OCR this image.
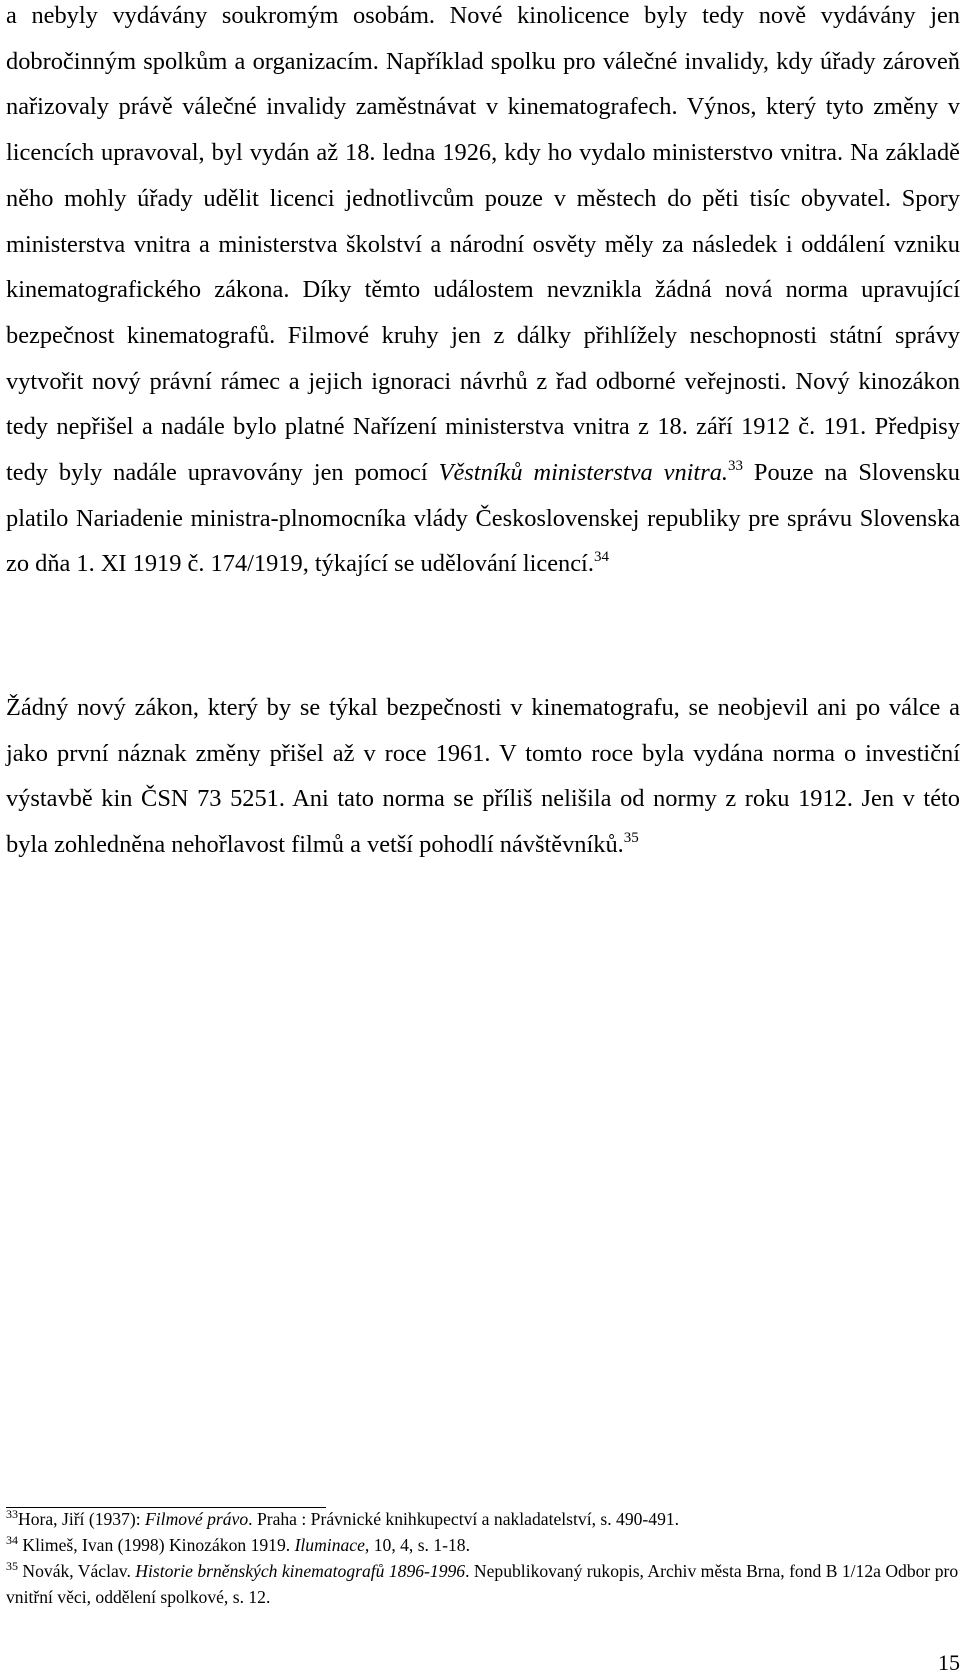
a nebyly vydávány soukromým osobám. Nové kinolicence byly tedy nově vydávány jen dobročinným spolkům a organizacím. Například spolku pro válečné invalidy, kdy úřady zároveň nařizovaly právě válečné invalidy zaměstnávat v kinematografech. Výnos, který tyto změny v licencích upravoval, byl vydán až 18. ledna 1926, kdy ho vydalo ministerstvo vnitra. Na základě něho mohly úřady udělit licenci jednotlivcům pouze v městech do pěti tisíc obyvatel. Spory ministerstva vnitra a ministerstva školství a národní osvěty měly za následek i oddálení vzniku kinematografického zákona. Díky těmto událostem nevznikla žádná nová norma upravující bezpečnost kinematografů. Filmové kruhy jen z dálky přihlížely neschopnosti státní správy vytvořit nový právní rámec a jejich ignoraci návrhů z řad odborné veřejnosti. Nový kinozákon tedy nepřišel a nadále bylo platné Nařízení ministerstva vnitra z 18. září 1912 č. 191. Předpisy tedy byly nadále upravovány jen pomocí Věstníků ministerstva vnitra.$^{33}$ Pouze na Slovensku platilo Nariadenie ministra-plnomocníka vlády Československej republiky pre správu Slovenska zo dňa 1. XI 1919 č. 174/1919, týkající se udělování licencí.$^{34}$

Žádný nový zákon, který by se týkal bezpečnosti v kinematografu, se neobjevil ani po válce a jako první náznak změny přišel až v roce 1961. V tomto roce byla vydána norma o investiční výstavbě kin ČSN 73 5251. Ani tato norma se příliš nelišila od normy z roku 1912. Jen v této byla zohledněna nehořlavost filmů a vetší pohodlí návštěvníků.$^{35}$

$^{33}$Hora, Jiří (1937): Filmové právo. Praha : Právnické knihkupectví a nakladatelství, s. 490-491.

$^{34}$ Klimeš, Ivan (1998) Kinozákon 1919. Iluminace, 10, 4, s. 1-18.

$^{35}$ Novák, Václav. Historie brněnských kinematografů 1896-1996. Nepublikovaný rukopis, Archiv města Brna, fond B 1/12a Odbor pro vnitřní věci, oddělení spolkové, s. 12.

15
